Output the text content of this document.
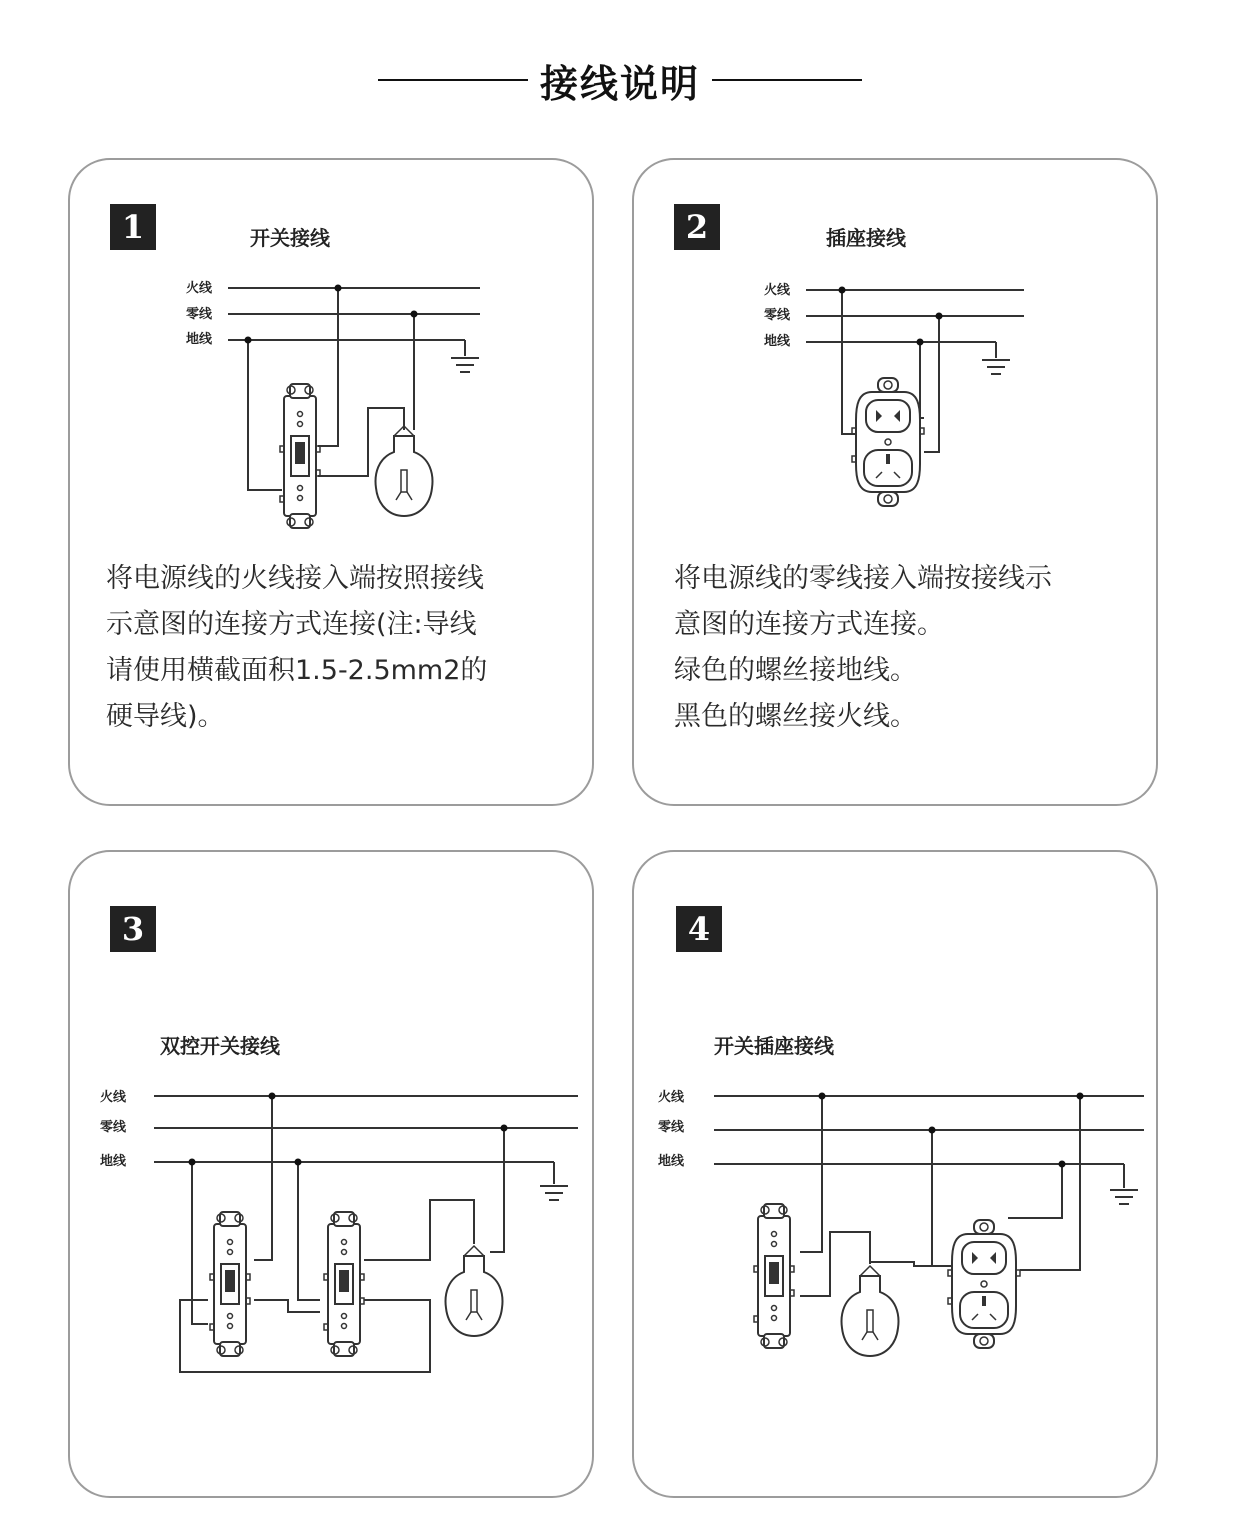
接线说明
1	开关接线
火线
零线
地线
将电源线的火线接入端按照接线
示意图的连接方式连接(注:导线
请使用横截面积1.5-2.5mm2的
硬导线)。
2	插座接线
火线
零线
地线
将电源线的零线接入端按接线示
意图的连接方式连接。
绿色的螺丝接地线。
黑色的螺丝接火线。
3
双控开关接线
火线
零线
地线
4
开关插座接线
火线
零线
地线
